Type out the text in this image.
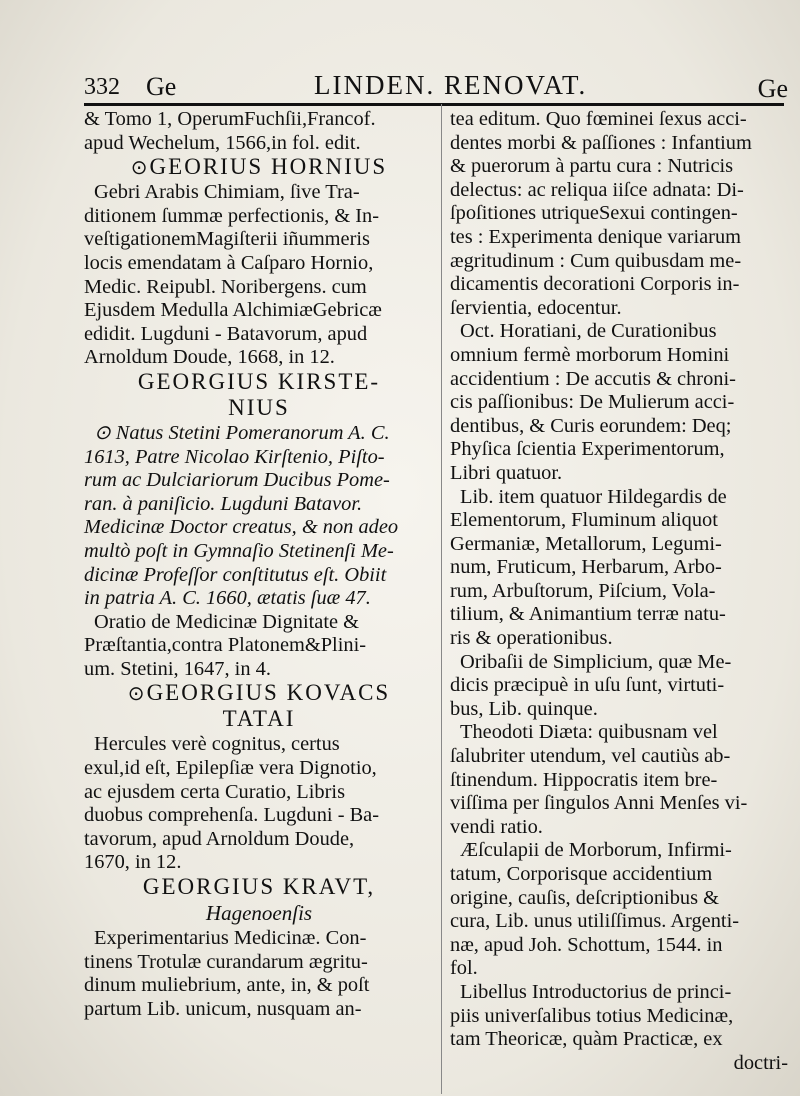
332 Ge	LINDEN. RENOVAT.	Ge
& Tomo 1, OperumFuchſii,Francof.
apud Wechelum, 1566,in fol. edit.
⊙GEORIUS HORNIUS
Gebri Arabis Chimiam, ſive Tra-
ditionem ſummæ perfectionis, & In-
veſtigationemMagiſterii iñummeris
locis emendatam à Caſparo Hornio,
Medic. Reipubl. Noribergens. cum
Ejusdem Medulla AlchimiæGebricæ
edidit. Lugduni - Batavorum, apud
Arnoldum Doude, 1668, in 12.
GEORGIUS KIRSTE-
NIUS
⊙ Natus Stetini Pomeranorum A. C.
1613, Patre Nicolao Kirſtenio, Piſto-
rum ac Dulciariorum Ducibus Pome-
ran. à paniſicio. Lugduni Batavor.
Medicinæ Doctor creatus, & non adeo
multò poſt in Gymnaſio Stetinenſi Me-
dicinæ Profeſſor conſtitutus eſt. Obiit
in patria A. C. 1660, ætatis ſuæ 47.
Oratio de Medicinæ Dignitate &
Præſtantia,contra Platonem&Plini-
um. Stetini, 1647, in 4.
⊙GEORGIUS KOVACS
TATAI
Hercules verè cognitus, certus
exul,id eſt, Epilepſiæ vera Dignotio,
ac ejusdem certa Curatio, Libris
duobus comprehenſa. Lugduni - Ba-
tavorum, apud Arnoldum Doude,
1670, in 12.
GEORGIUS KRAVT,
Hagenoenſis
Experimentarius Medicinæ. Con-
tinens Trotulæ curandarum ægritu-
dinum muliebrium, ante, in, & poſt
partum Lib. unicum, nusquam an-
tea editum. Quo fœminei ſexus acci-
dentes morbi & paſſiones : Infantium
& puerorum à partu cura : Nutricis
delectus: ac reliqua iiſce adnata: Di-
ſpoſitiones utriqueSexui contingen-
tes : Experimenta denique variarum
ægritudinum : Cum quibusdam me-
dicamentis decorationi Corporis in-
ſervientia, edocentur.
Oct. Horatiani, de Curationibus
omnium fermè morborum Homini
accidentium : De accutis & chroni-
cis paſſionibus: De Mulierum acci-
dentibus, & Curis eorundem: Deq;
Phyſica ſcientia Experimentorum,
Libri quatuor.
Lib. item quatuor Hildegardis de
Elementorum, Fluminum aliquot
Germaniæ, Metallorum, Legumi-
num, Fruticum, Herbarum, Arbo-
rum, Arbuſtorum, Piſcium, Vola-
tilium, & Animantium terræ natu-
ris & operationibus.
Oribaſii de Simplicium, quæ Me-
dicis præcipuè in uſu ſunt, virtuti-
bus, Lib. quinque.
Theodoti Diæta: quibusnam vel
ſalubriter utendum, vel cautiùs ab-
ſtinendum. Hippocratis item bre-
viſſima per ſingulos Anni Menſes vi-
vendi ratio.
Æſculapii de Morborum, Infirmi-
tatum, Corporisque accidentium
origine, cauſis, deſcriptionibus &
cura, Lib. unus utiliſſimus. Argenti-
næ, apud Joh. Schottum, 1544. in
fol.
Libellus Introductorius de princi-
piis univerſalibus totius Medicinæ,
tam Theoricæ, quàm Practicæ, ex
doctri-
